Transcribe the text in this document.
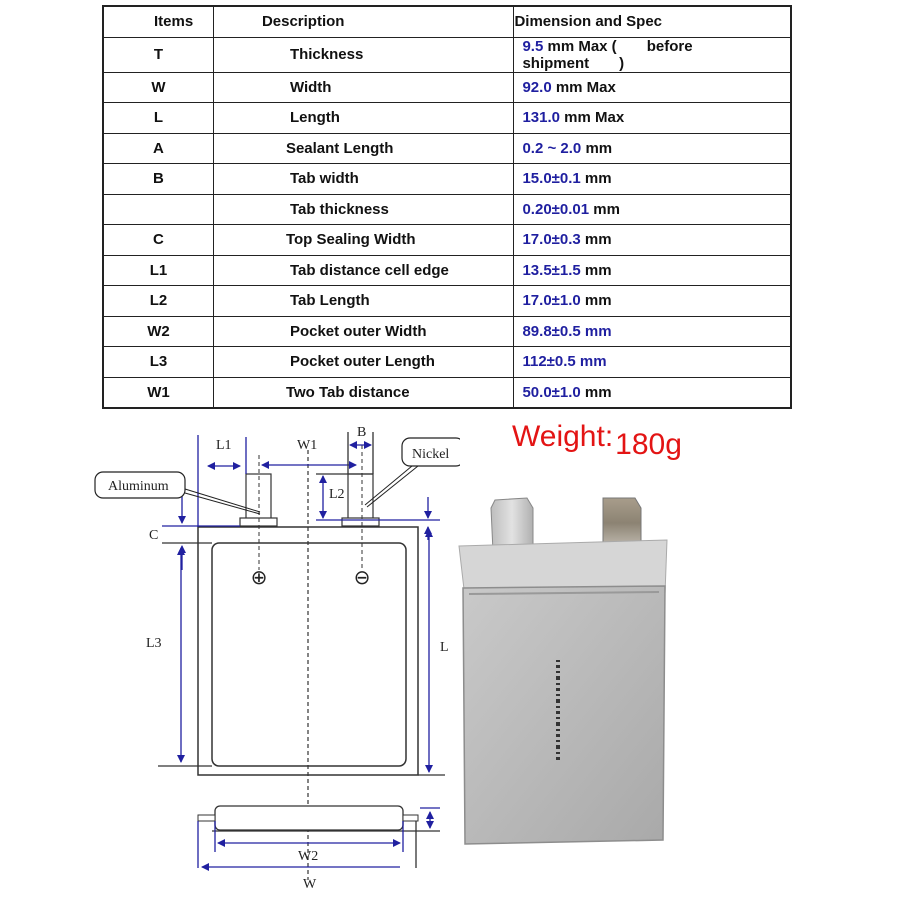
Items	Description	Dimension and Spec
T	Thickness	9.5 mm Max ( before shipment )
W	Width	92.0 mm Max
L	Length	131.0 mm Max
A	Sealant Length	0.2 ~ 2.0 mm
B	Tab width	15.0±0.1 mm
	Tab thickness	0.20±0.01 mm
C	Top Sealing Width	17.0±0.3 mm
L1	Tab distance cell edge	13.5±1.5 mm
L2	Tab Length	17.0±1.0 mm
W2	Pocket outer Width	89.8±0.5 mm
L3	Pocket outer Length	112±0.5 mm
W1	Two Tab distance	50.0±1.0 mm
Weight:180g
⊕	⊖
L1	W1
B
L2
C
L3	L
Aluminum
Nickel
W2
W
